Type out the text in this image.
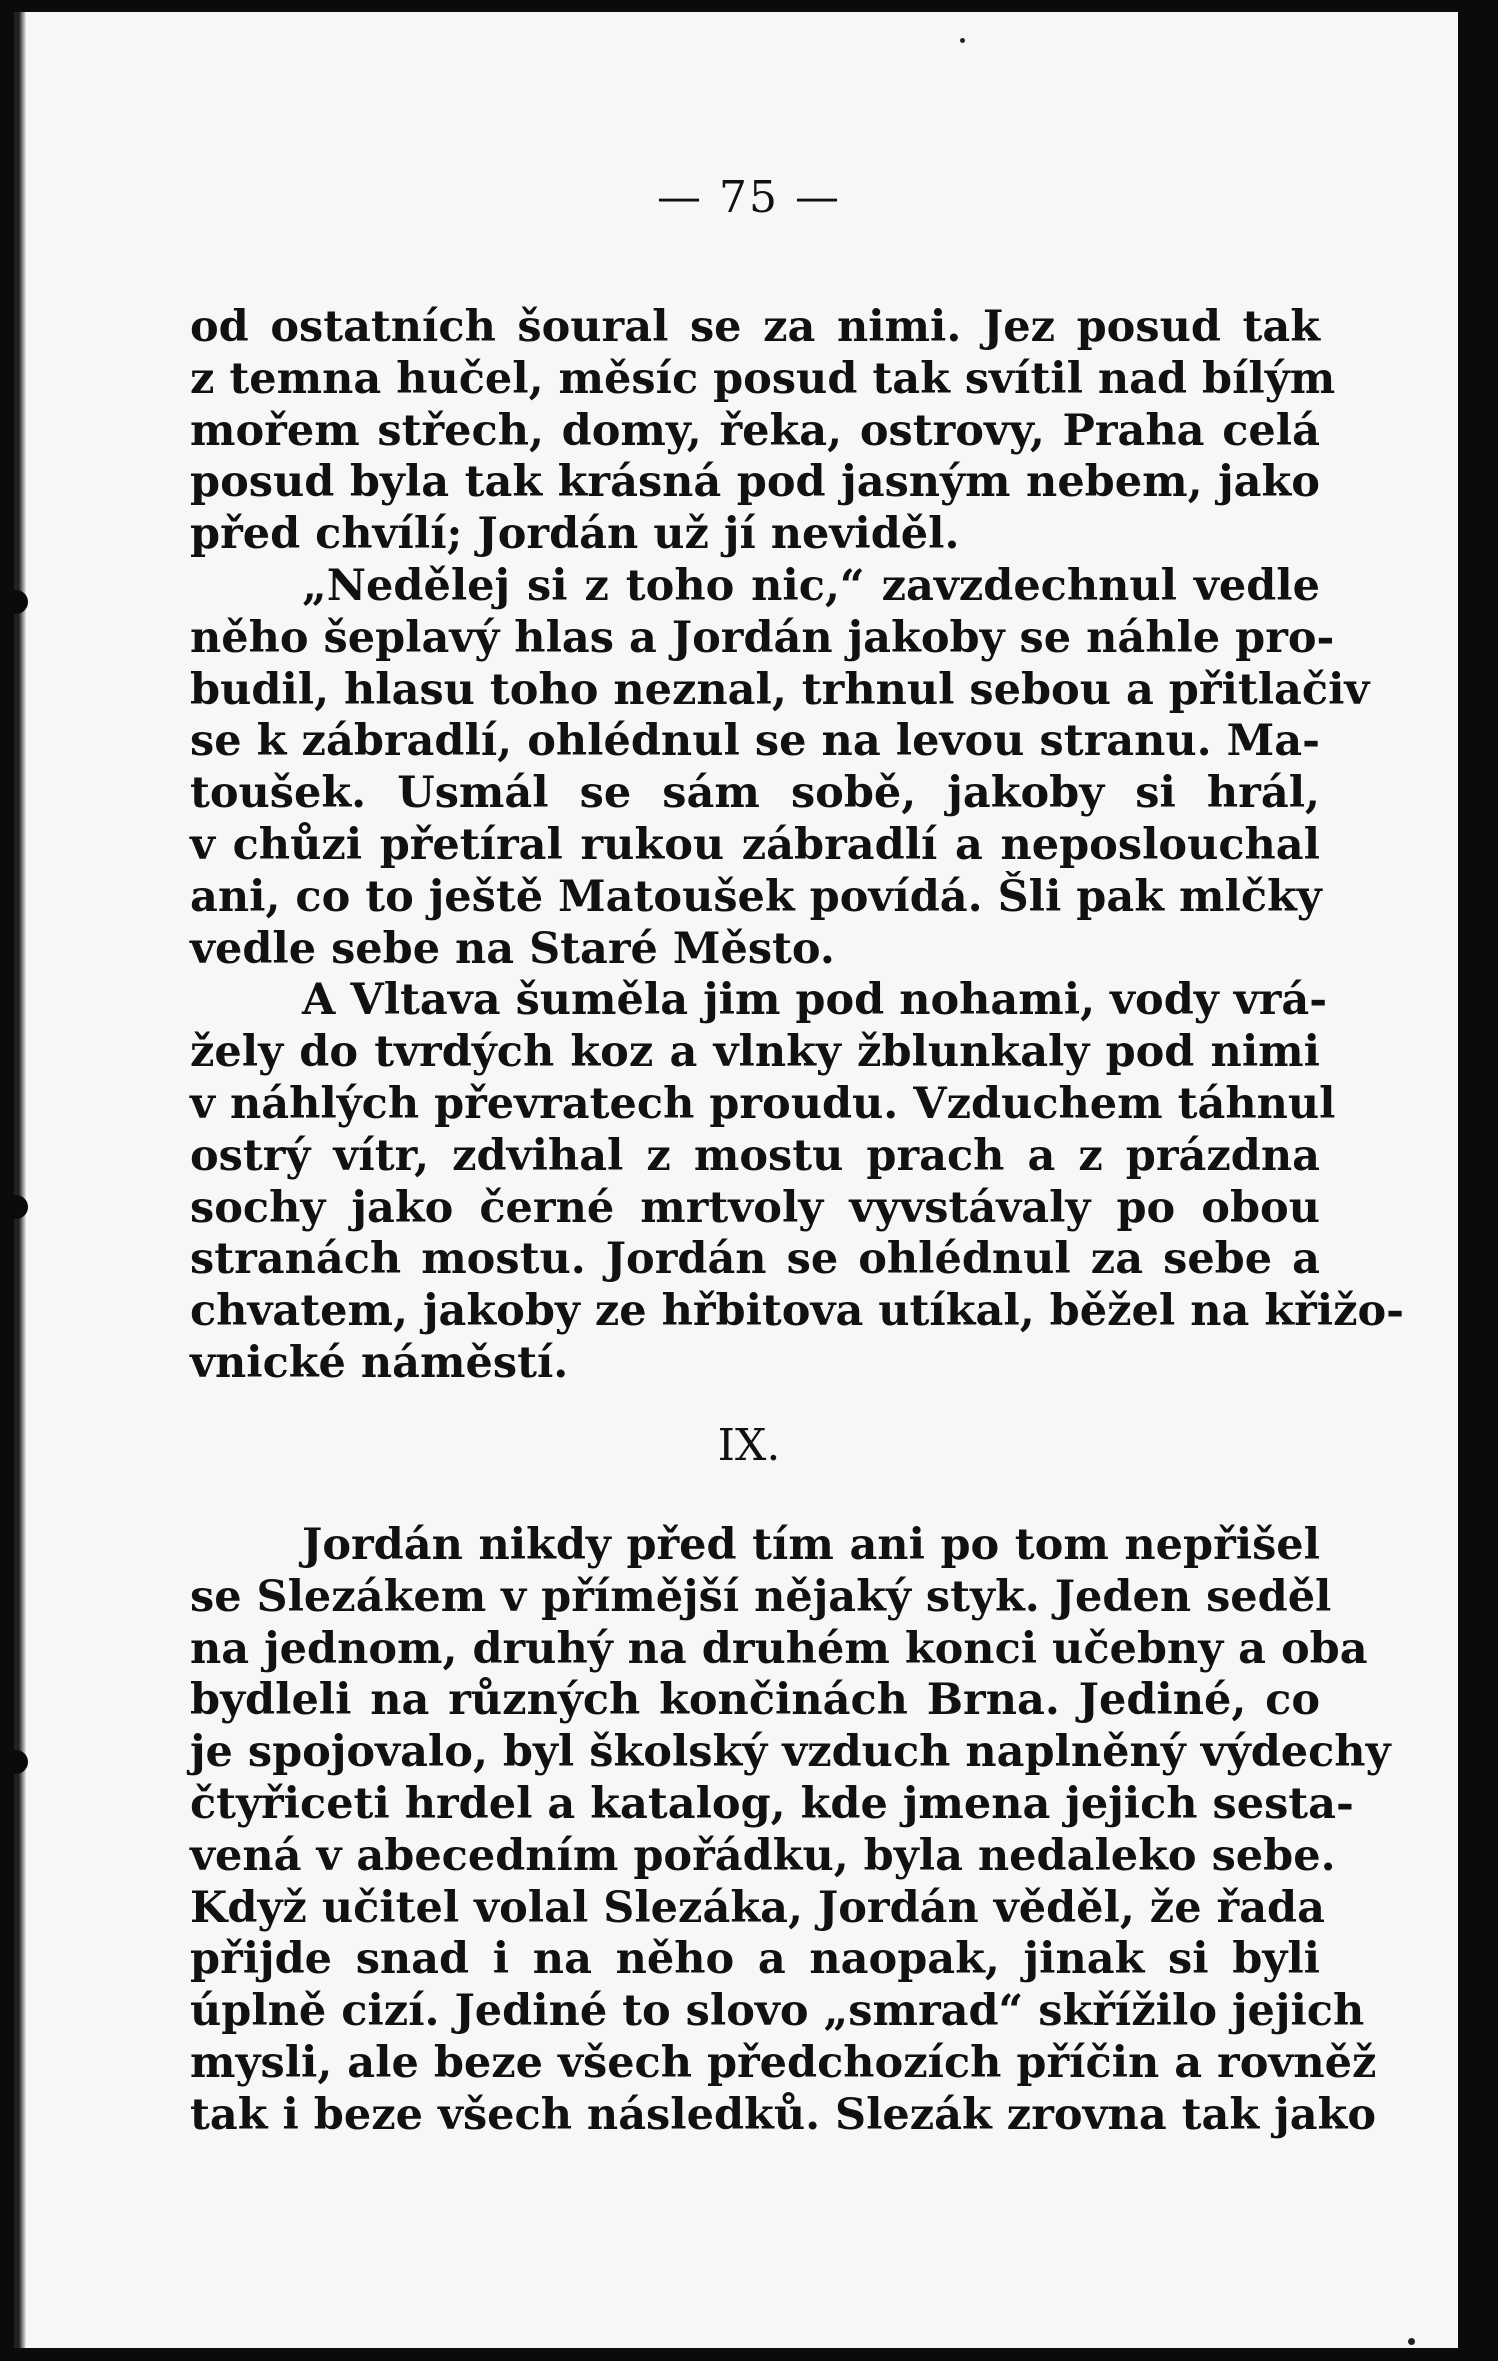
— 75 —
od ostatních šoural se za nimi. Jez posud tak
z temna hučel, měsíc posud tak svítil nad bílým
mořem střech, domy, řeka, ostrovy, Praha celá
posud byla tak krásná pod jasným nebem, jako
před chvílí; Jordán už jí neviděl.
„Nedělej si z toho nic,“ zavzdechnul vedle
něho šeplavý hlas a Jordán jakoby se náhle pro-
budil, hlasu toho neznal, trhnul sebou a přitlačiv
se k zábradlí, ohlédnul se na levou stranu. Ma-
toušek. Usmál se sám sobě, jakoby si hrál,
v chůzi přetíral rukou zábradlí a neposlouchal
ani, co to ještě Matoušek povídá. Šli pak mlčky
vedle sebe na Staré Město.
A Vltava šuměla jim pod nohami, vody vrá-
žely do tvrdých koz a vlnky žblunkaly pod nimi
v náhlých převratech proudu. Vzduchem táhnul
ostrý vítr, zdvihal z mostu prach a z prázdna
sochy jako černé mrtvoly vyvstávaly po obou
stranách mostu. Jordán se ohlédnul za sebe a
chvatem, jakoby ze hřbitova utíkal, běžel na křižo-
vnické náměstí.
IX.
Jordán nikdy před tím ani po tom nepřišel
se Slezákem v přímější nějaký styk. Jeden seděl
na jednom, druhý na druhém konci učebny a oba
bydleli na různých končinách Brna. Jediné, co
je spojovalo, byl školský vzduch naplněný výdechy
čtyřiceti hrdel a katalog, kde jmena jejich sesta-
vená v abecedním pořádku, byla nedaleko sebe.
Když učitel volal Slezáka, Jordán věděl, že řada
přijde snad i na něho a naopak, jinak si byli
úplně cizí. Jediné to slovo „smrad“ skřížilo jejich
mysli, ale beze všech předchozích příčin a rovněž
tak i beze všech následků. Slezák zrovna tak jako
